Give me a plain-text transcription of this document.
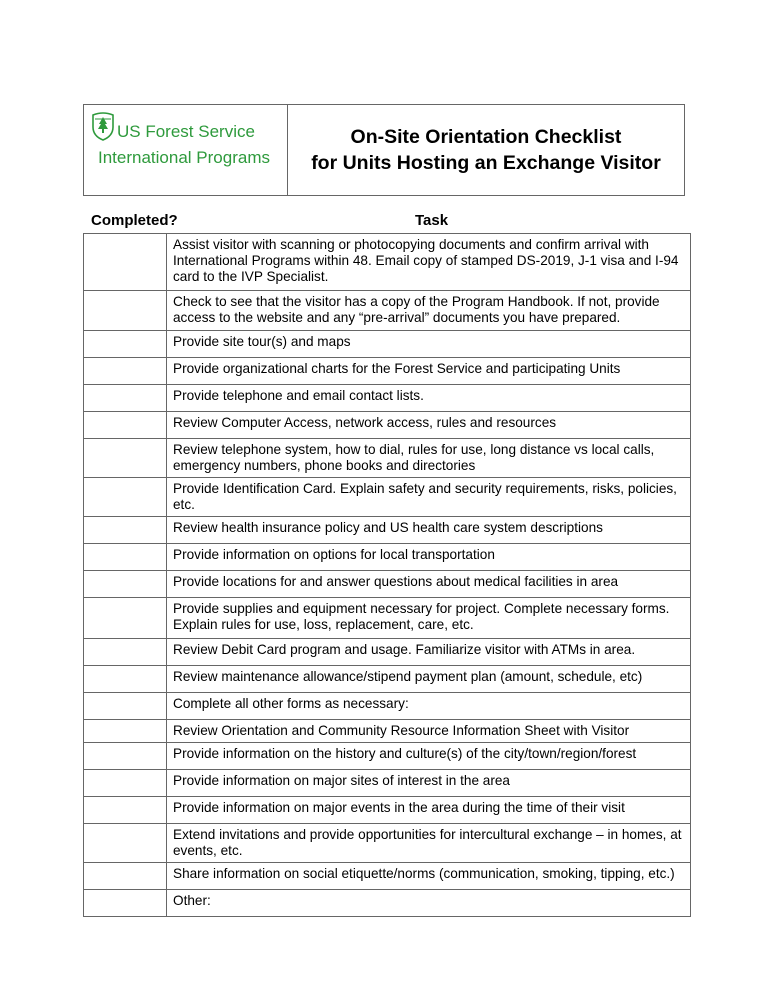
US Forest Service
International Programs
On-Site Orientation Checklist
for Units Hosting an Exchange Visitor
Completed?	Task
	Assist visitor with scanning or photocopying documents and confirm arrival with International Programs within 48. Email copy of stamped DS-2019, J-1 visa and I-94 card to the IVP Specialist.
	Check to see that the visitor has a copy of the Program Handbook. If not, provide access to the website and any “pre-arrival” documents you have prepared.
	Provide site tour(s) and maps
	Provide organizational charts for the Forest Service and participating Units
	Provide telephone and email contact lists.
	Review Computer Access, network access, rules and resources
	Review telephone system, how to dial, rules for use, long distance vs local calls, emergency numbers, phone books and directories
	Provide Identification Card. Explain safety and security requirements, risks, policies, etc.
	Review health insurance policy and US health care system descriptions
	Provide information on options for local transportation
	Provide locations for and answer questions about medical facilities in area
	Provide supplies and equipment necessary for project. Complete necessary forms. Explain rules for use, loss, replacement, care, etc.
	Review Debit Card program and usage. Familiarize visitor with ATMs in area.
	Review maintenance allowance/stipend payment plan (amount, schedule, etc)
	Complete all other forms as necessary:
	Review Orientation and Community Resource Information Sheet with Visitor
	Provide information on the history and culture(s) of the city/town/region/forest
	Provide information on major sites of interest in the area
	Provide information on major events in the area during the time of their visit
	Extend invitations and provide opportunities for intercultural exchange – in homes, at events, etc.
	Share information on social etiquette/norms (communication, smoking, tipping, etc.)
	Other:
